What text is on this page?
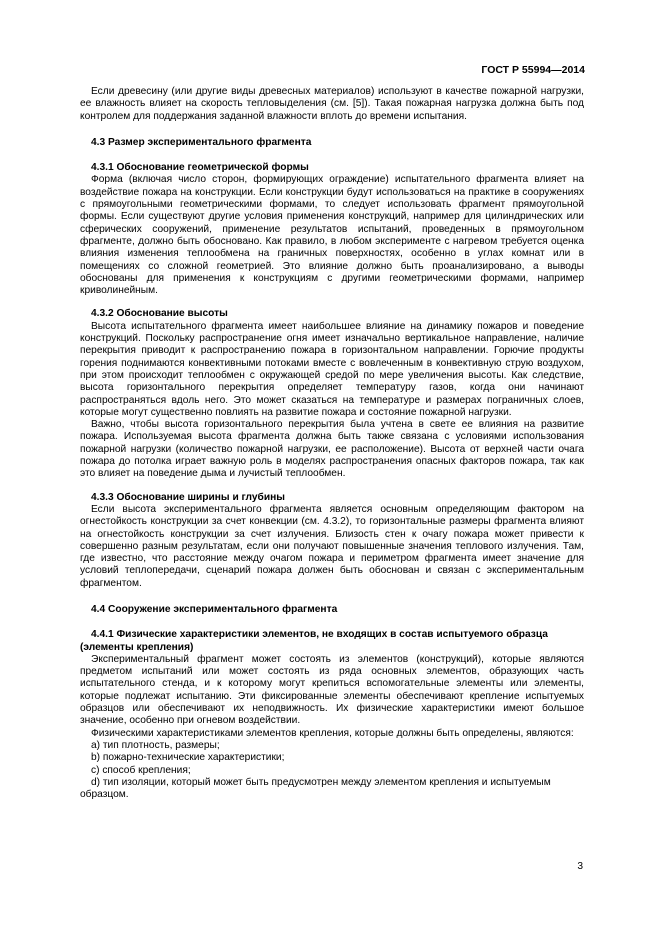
ГОСТ Р 55994—2014

Если древесину (или другие виды древесных материалов) используют в качестве пожарной нагрузки, ее влажность влияет на скорость тепловыделения (см. [5]). Такая пожарная нагрузка должна быть под контролем для поддержания заданной влажности вплоть до времени испытания.

4.3 Размер экспериментального фрагмента
4.3.1 Обоснование геометрической формы

Форма (включая число сторон, формирующих ограждение) испытательного фрагмента влияет на воздействие пожара на конструкции. Если конструкции будут использоваться на практике в сооружениях с прямоугольными геометрическими формами, то следует использовать фрагмент прямоугольной формы. Если существуют другие условия применения конструкций, например для цилиндрических или сферических сооружений, применение результатов испытаний, проведенных в прямоугольном фрагменте, должно быть обосновано. Как правило, в любом эксперименте с нагревом требуется оценка влияния изменения теплообмена на граничных поверхностях, особенно в углах комнат или в помещениях со сложной геометрией. Это влияние должно быть проанализировано, а выводы обоснованы для применения к конструкциям с другими геометрическими формами, например криволинейным.

4.3.2 Обоснование высоты

Высота испытательного фрагмента имеет наибольшее влияние на динамику пожаров и поведение конструкций. Поскольку распространение огня имеет изначально вертикальное направление, наличие перекрытия приводит к распространению пожара в горизонтальном направлении. Горючие продукты горения поднимаются конвективными потоками вместе с вовлеченным в конвективную струю воздухом, при этом происходит теплообмен с окружающей средой по мере увеличения высоты. Как следствие, высота горизонтального перекрытия определяет температуру газов, когда они начинают распространяться вдоль него. Это может сказаться на температуре и размерах пограничных слоев, которые могут существенно повлиять на развитие пожара и состояние пожарной нагрузки.

Важно, чтобы высота горизонтального перекрытия была учтена в свете ее влияния на развитие пожара. Используемая высота фрагмента должна быть также связана с условиями использования пожарной нагрузки (количество пожарной нагрузки, ее расположение). Высота от верхней части очага пожара до потолка играет важную роль в моделях распространения опасных факторов пожара, так как это влияет на поведение дыма и лучистый теплообмен.

4.3.3 Обоснование ширины и глубины

Если высота экспериментального фрагмента является основным определяющим фактором на огнестойкость конструкции за счет конвекции (см. 4.3.2), то горизонтальные размеры фрагмента влияют на огнестойкость конструкции за счет излучения. Близость стен к очагу пожара может привести к совершенно разным результатам, если они получают повышенные значения теплового излучения. Там, где известно, что расстояние между очагом пожара и периметром фрагмента имеет значение для условий теплопередачи, сценарий пожара должен быть обоснован и связан с экспериментальным фрагментом.

4.4 Сооружение экспериментального фрагмента
4.4.1 Физические характеристики элементов, не входящих в состав испытуемого образца (элементы крепления)

Экспериментальный фрагмент может состоять из элементов (конструкций), которые являются предметом испытаний или может состоять из ряда основных элементов, образующих часть испытательного стенда, и к которому могут крепиться вспомогательные элементы или элементы, которые подлежат испытанию. Эти фиксированные элементы обеспечивают крепление испытуемых образцов или обеспечивают их неподвижность. Их физические характеристики имеют большое значение, особенно при огневом воздействии.

Физическими характеристиками элементов крепления, которые должны быть определены, являются:

а) тип плотность, размеры;
b) пожарно-технические характеристики;
с) способ крепления;
d) тип изоляции, который может быть предусмотрен между элементом крепления и испытуемым образцом.
3
